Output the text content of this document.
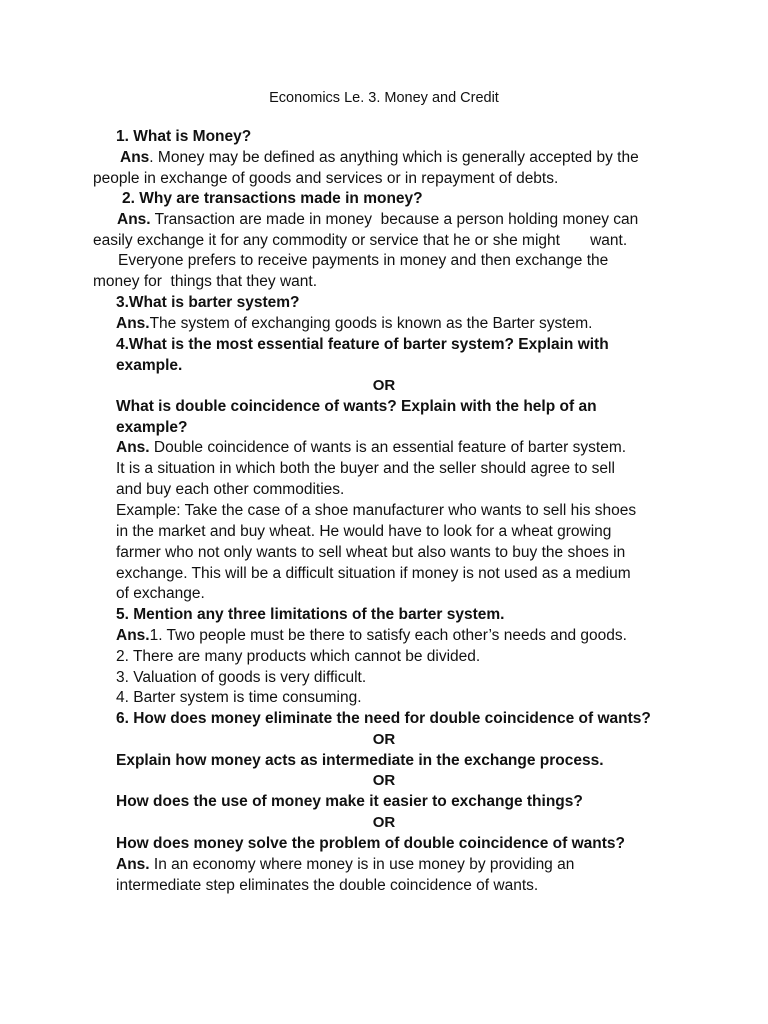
Economics Le. 3. Money and Credit
1. What is Money?
Ans. Money may be defined as anything which is generally accepted by the
people in exchange of goods and services or in repayment of debts.
2. Why are transactions made in money?
Ans. Transaction are made in money  because a person holding money can
easily exchange it for any commodity or service that he or she might       want.
Everyone prefers to receive payments in money and then exchange the
money for  things that they want.
3.What is barter system?
Ans.The system of exchanging goods is known as the Barter system.
4.What is the most essential feature of barter system? Explain with
example.
OR
What is double coincidence of wants? Explain with the help of an
example?
Ans. Double coincidence of wants is an essential feature of barter system.
It is a situation in which both the buyer and the seller should agree to sell
and buy each other commodities.
Example: Take the case of a shoe manufacturer who wants to sell his shoes
in the market and buy wheat. He would have to look for a wheat growing
farmer who not only wants to sell wheat but also wants to buy the shoes in
exchange. This will be a difficult situation if money is not used as a medium
of exchange.
5. Mention any three limitations of the barter system.
Ans.1. Two people must be there to satisfy each other’s needs and goods.
2. There are many products which cannot be divided.
3. Valuation of goods is very difficult.
4. Barter system is time consuming.
6. How does money eliminate the need for double coincidence of wants?
OR
Explain how money acts as intermediate in the exchange process.
OR
How does the use of money make it easier to exchange things?
OR
How does money solve the problem of double coincidence of wants?
Ans. In an economy where money is in use money by providing an
intermediate step eliminates the double coincidence of wants.
